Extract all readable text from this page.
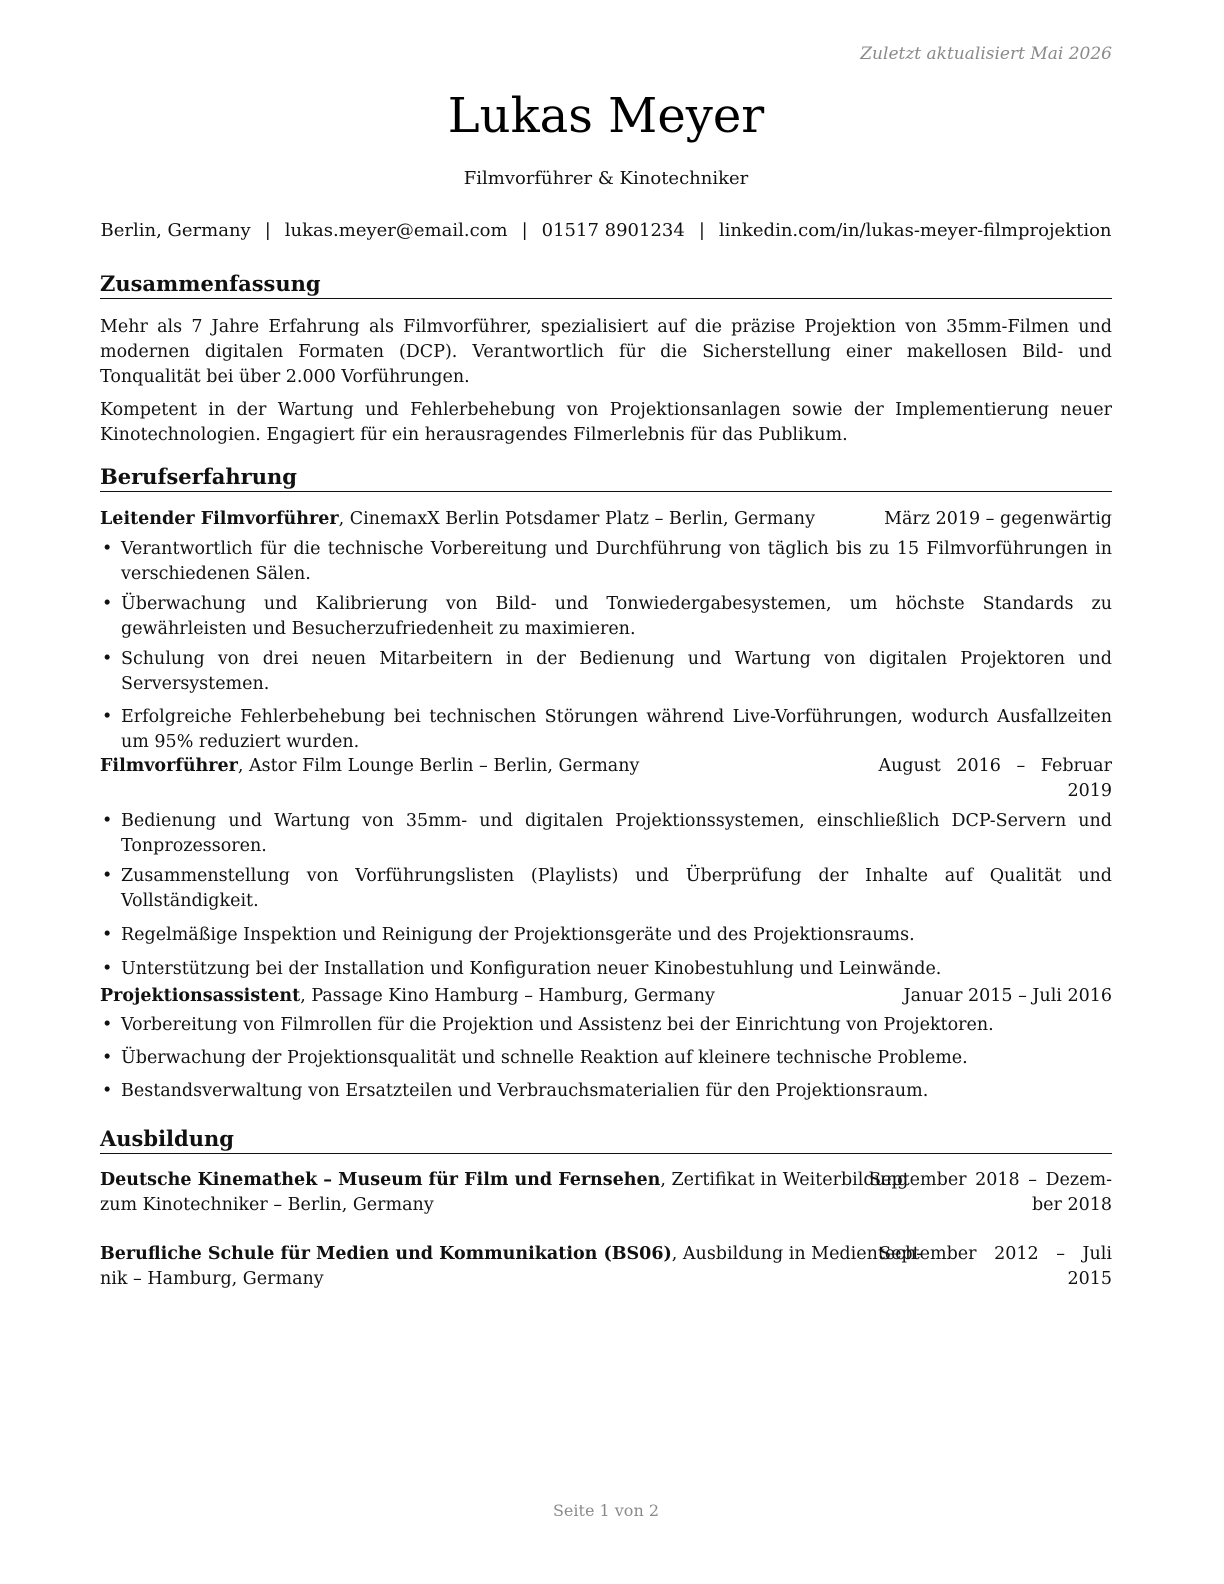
Zuletzt aktualisiert Mai 2026
Lukas Meyer
Filmvorführer & Kinotechniker
Berlin, Germany | lukas.meyer@email.com | 01517 8901234 | linkedin.com/in/lukas-meyer-filmprojektion
Zusammenfassung
Mehr als 7 Jahre Erfahrung als Filmvorführer, spezialisiert auf die präzise Projektion von 35mm-Filmen und modernen digitalen Formaten (DCP). Verantwortlich für die Sicherstellung einer makellosen Bild- und Tonqualität bei über 2.000 Vorführungen.
Kompetent in der Wartung und Fehlerbehebung von Projektionsanlagen sowie der Implementierung neuer Kinotechnologien. Engagiert für ein herausragendes Filmerlebnis für das Publikum.
Berufserfahrung
Leitender Filmvorführer, CinemaxX Berlin Potsdamer Platz – Berlin, Germany	März 2019 – gegenwärtig
• Verantwortlich für die technische Vorbereitung und Durchführung von täglich bis zu 15 Filmvorführungen in verschiedenen Sälen.
• Überwachung und Kalibrierung von Bild- und Tonwiedergabesystemen, um höchste Standards zu gewährleisten und Besucherzufriedenheit zu maximieren.
• Schulung von drei neuen Mitarbeitern in der Bedienung und Wartung von digitalen Projektoren und Serversystemen.
• Erfolgreiche Fehlerbehebung bei technischen Störungen während Live-Vorführungen, wodurch Ausfallzeiten um 95% reduziert wurden.
Filmvorführer, Astor Film Lounge Berlin – Berlin, Germany	August 2016 – Februar
2019
• Bedienung und Wartung von 35mm- und digitalen Projektionssystemen, einschließlich DCP-Servern und Tonprozessoren.
• Zusammenstellung von Vorführungslisten (Playlists) und Überprüfung der Inhalte auf Qualität und Vollständigkeit.
• Regelmäßige Inspektion und Reinigung der Projektionsgeräte und des Projektionsraums.
• Unterstützung bei der Installation und Konfiguration neuer Kinobestuhlung und Leinwände.
Projektionsassistent, Passage Kino Hamburg – Hamburg, Germany	Januar 2015 – Juli 2016
• Vorbereitung von Filmrollen für die Projektion und Assistenz bei der Einrichtung von Projektoren.
• Überwachung der Projektionsqualität und schnelle Reaktion auf kleinere technische Probleme.
• Bestandsverwaltung von Ersatzteilen und Verbrauchsmaterialien für den Projektionsraum.
Ausbildung
Deutsche Kinemathek – Museum für Film und Fernsehen, Zertifikat in Weiterbildung
zum Kinotechniker – Berlin, Germany
September 2018 – Dezem-
ber 2018
Berufliche Schule für Medien und Kommunikation (BS06), Ausbildung in Medientech-
nik – Hamburg, Germany
September 2012 – Juli
2015
Seite 1 von 2
